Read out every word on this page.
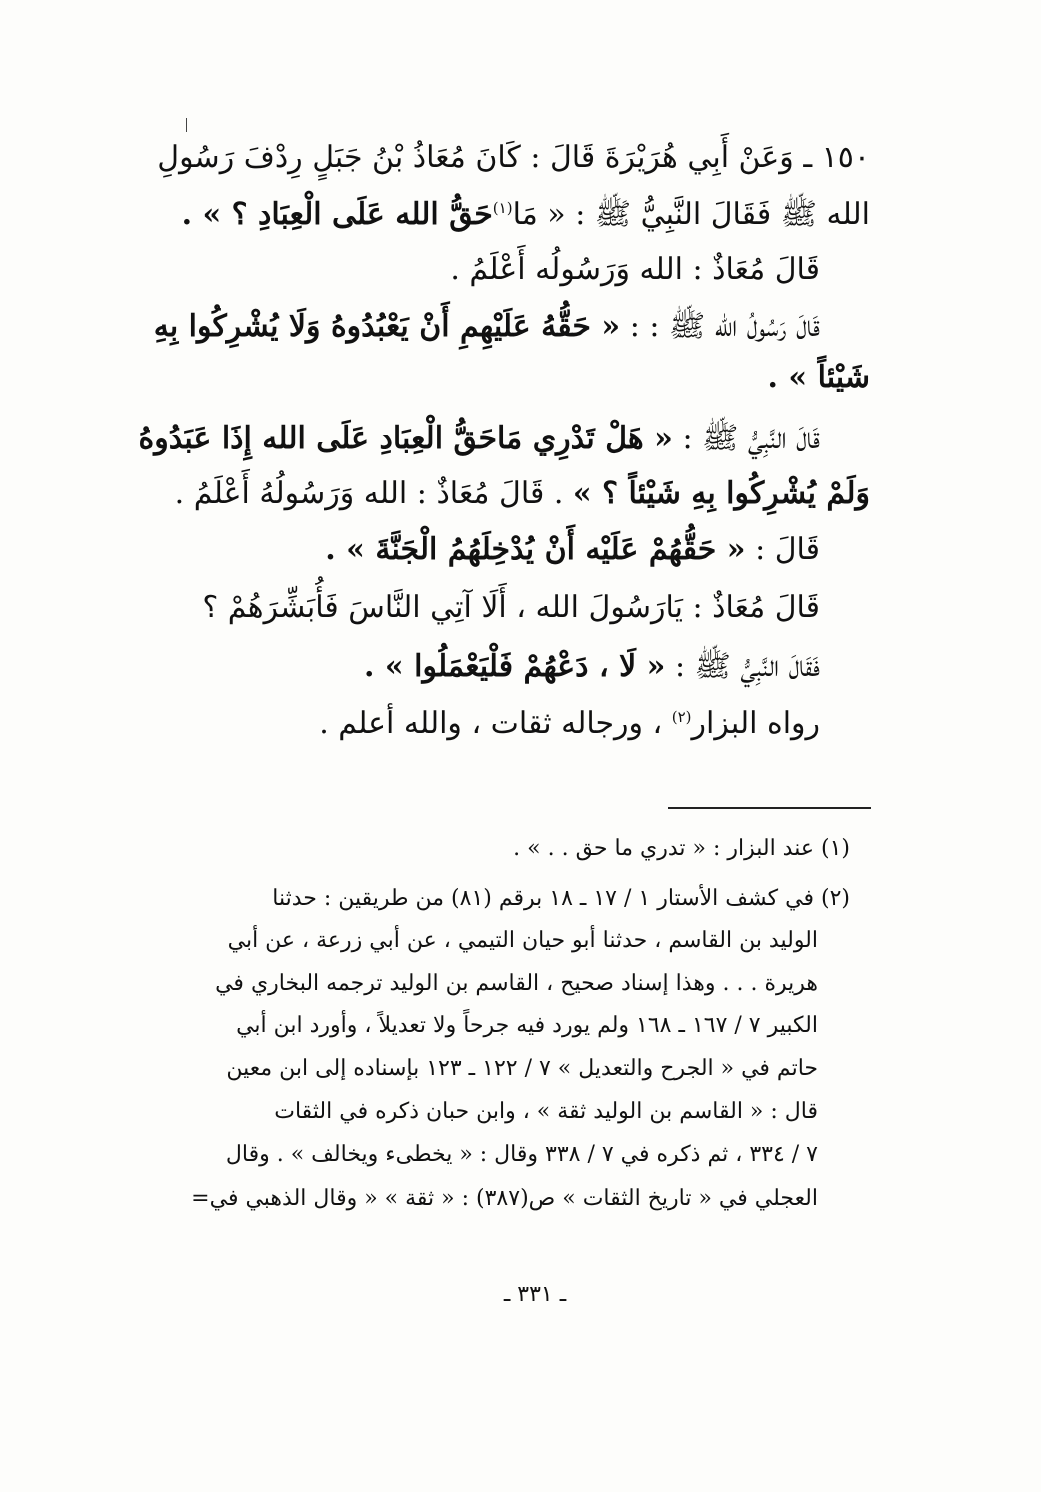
١٥٠ ـ وَعَنْ أَبِي هُرَيْرَةَ قَالَ : كَانَ مُعَاذُ بْنُ جَبَلٍ رِدْفَ رَسُولِ
الله ﷺ فَقَالَ النَّبِيُّ ﷺ : « مَا$^{(١)}$حَقُّ الله عَلَى الْعِبَادِ ؟ » .
قَالَ مُعَاذٌ : الله وَرَسُولُه أَعْلَمُ .
قَالَ رَسُولُ الله ﷺ : : « حَقُّهُ عَلَيْهِمِ أَنْ يَعْبُدُوهُ وَلَا يُشْرِكُوا بِهِ
شَيْئاً » .
قَالَ النَّبِيُّ ﷺ : « هَلْ تَدْرِي مَاحَقُّ الْعِبَادِ عَلَى الله إِذَا عَبَدُوهُ
وَلَمْ يُشْرِكُوا بِهِ شَيْئاً ؟ » . قَالَ مُعَاذٌ : الله وَرَسُولُهُ أَعْلَمُ .
قَالَ : « حَقُّهُمْ عَلَيْه أَنْ يُدْخِلَهُمُ الْجَنَّةَ » .
قَالَ مُعَاذٌ : يَارَسُولَ الله ، أَلَا آتِي النَّاسَ فَأُبَشِّرَهُمْ ؟
فَقَالَ النَّبِيُّ ﷺ : « لَا ، دَعْهُمْ فَلْيَعْمَلُوا » .
رواه البزار$^{(٢)}$ ، ورجاله ثقات ، والله أعلم .
(١) عند البزار : « تدري ما حق . . » .
(٢) في كشف الأستار ١ / ١٧ ـ ١٨ برقم (٨١) من طريقين : حدثنا
الوليد بن القاسم ، حدثنا أبو حيان التيمي ، عن أبي زرعة ، عن أبي
هريرة . . . وهذا إسناد صحيح ، القاسم بن الوليد ترجمه البخاري في
الكبير ٧ / ١٦٧ ـ ١٦٨ ولم يورد فيه جرحاً ولا تعديلاً ، وأورد ابن أبي
حاتم في « الجرح والتعديل » ٧ / ١٢٢ ـ ١٢٣ بإسناده إلى ابن معين
قال : « القاسم بن الوليد ثقة » ، وابن حبان ذكره في الثقات
٧ / ٣٣٤ ، ثم ذكره في ٧ / ٣٣٨ وقال : « يخطىء ويخالف » . وقال
العجلي في « تاريخ الثقات » ص(٣٨٧) : « ثقة » « وقال الذهبي في=
ـ ٣٣١ ـ
